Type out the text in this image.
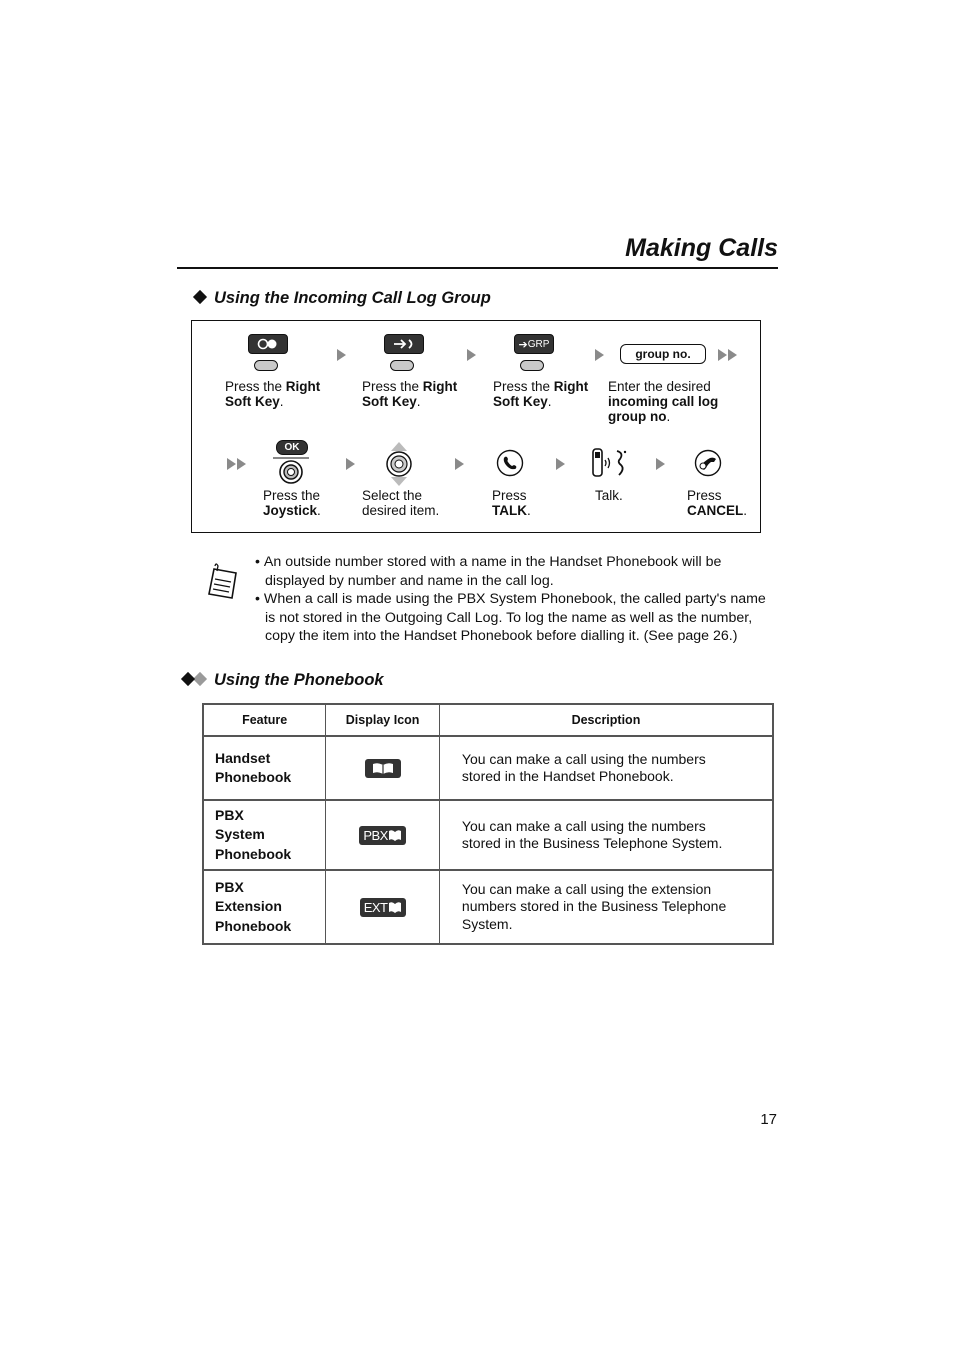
Making Calls
Using the Incoming Call Log Group
➔ GRP
group no.
Press the Right
Soft Key.
Press the Right
Soft Key.
Press the Right
Soft Key.
Enter the desired
incoming call log
group no.
OK
Press the
Joystick.
Select the
desired item.
Press
TALK.
Talk.	Press
CANCEL.
• An outside number stored with a name in the Handset Phonebook will be
displayed by number and name in the call log.
• When a call is made using the PBX System Phonebook, the called party's name
is not stored in the Outgoing Call Log. To log the name as well as the number,
copy the item into the Handset Phonebook before dialling it. (See page 26.)
Using the Phonebook
Feature	Display Icon	Description
Handset
Phonebook		You can make a call using the numbers
stored in the Handset Phonebook.
PBX
System
Phonebook	PBX	You can make a call using the numbers
stored in the Business Telephone System.
PBX
Extension
Phonebook	EXT	You can make a call using the extension
numbers stored in the Business Telephone
System.
17
